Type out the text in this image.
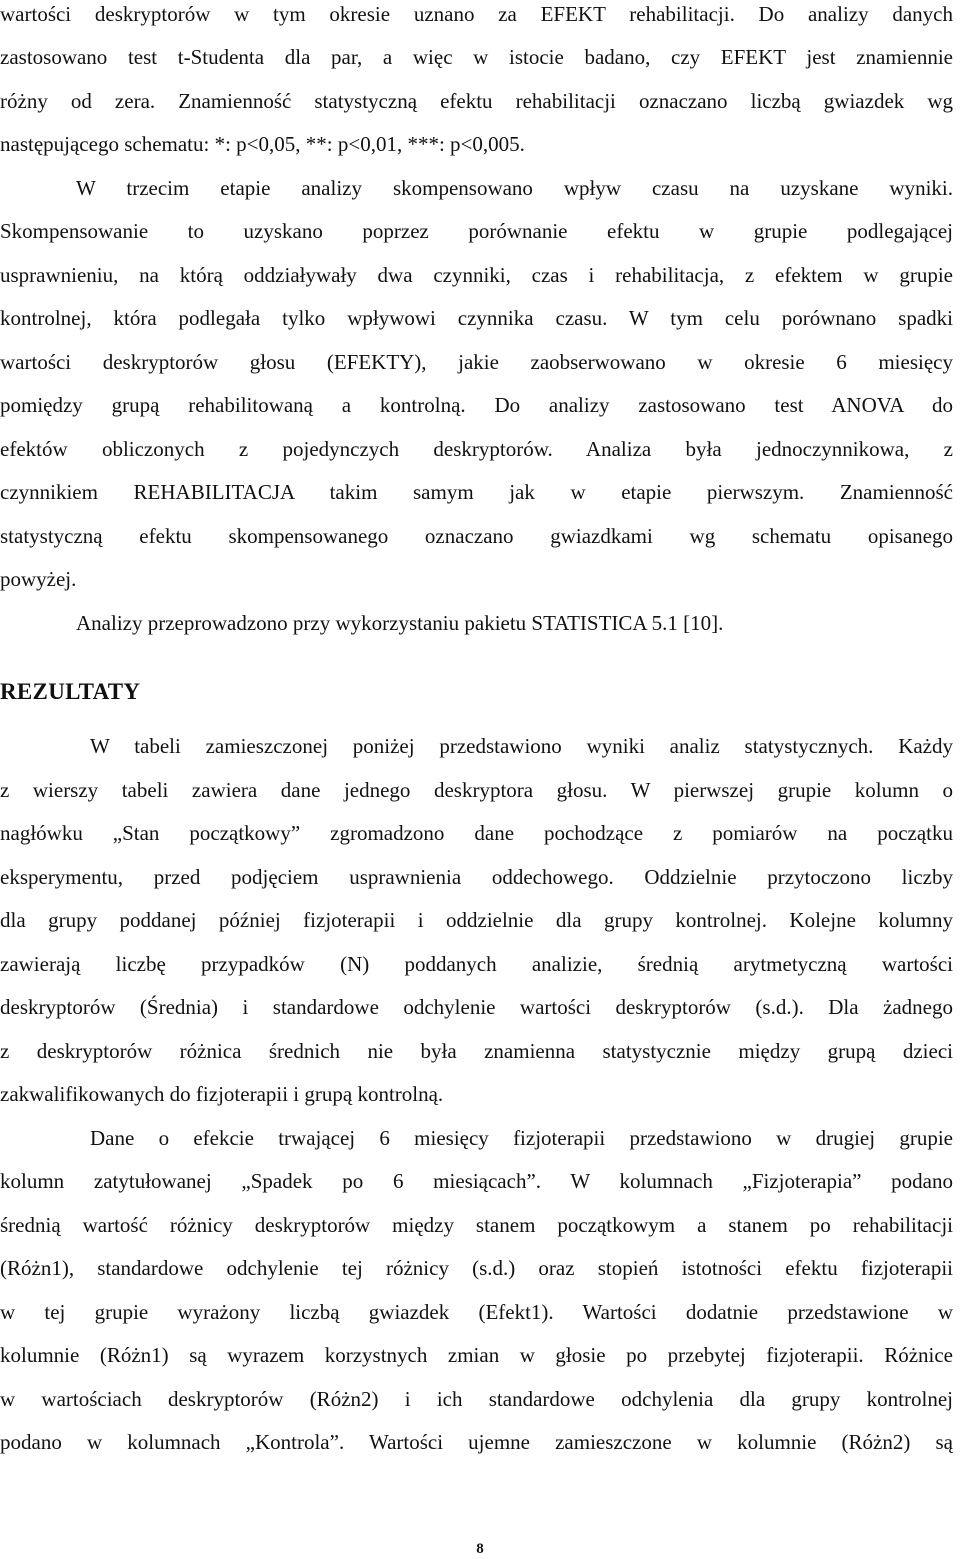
wartości deskryptorów w tym okresie uznano za EFEKT rehabilitacji. Do analizy danych
zastosowano test t-Studenta dla par, a więc w istocie badano, czy EFEKT jest znamiennie
różny od zera. Znamienność statystyczną efektu rehabilitacji oznaczano liczbą gwiazdek wg
następującego schematu: *: p<0,05, **: p<0,01, ***: p<0,005.
W trzecim etapie analizy skompensowano wpływ czasu na uzyskane wyniki.
Skompensowanie to uzyskano poprzez porównanie efektu w grupie podlegającej
usprawnieniu, na którą oddziaływały dwa czynniki, czas i rehabilitacja, z efektem w grupie
kontrolnej, która podlegała tylko wpływowi czynnika czasu. W tym celu porównano spadki
wartości deskryptorów głosu (EFEKTY), jakie zaobserwowano w okresie 6 miesięcy
pomiędzy grupą rehabilitowaną a kontrolną. Do analizy zastosowano test ANOVA do
efektów obliczonych z pojedynczych deskryptorów. Analiza była jednoczynnikowa, z
czynnikiem REHABILITACJA takim samym jak w etapie pierwszym. Znamienność
statystyczną efektu skompensowanego oznaczano gwiazdkami wg schematu opisanego
powyżej.
Analizy przeprowadzono przy wykorzystaniu pakietu STATISTICA 5.1 [10].
REZULTATY
W tabeli zamieszczonej poniżej przedstawiono wyniki analiz statystycznych. Każdy
z wierszy tabeli zawiera dane jednego deskryptora głosu. W pierwszej grupie kolumn o
nagłówku „Stan początkowy” zgromadzono dane pochodzące z pomiarów na początku
eksperymentu, przed podjęciem usprawnienia oddechowego. Oddzielnie przytoczono liczby
dla grupy poddanej później fizjoterapii i oddzielnie dla grupy kontrolnej. Kolejne kolumny
zawierają liczbę przypadków (N) poddanych analizie, średnią arytmetyczną wartości
deskryptorów (Średnia) i standardowe odchylenie wartości deskryptorów (s.d.). Dla żadnego
z deskryptorów różnica średnich nie była znamienna statystycznie między grupą dzieci
zakwalifikowanych do fizjoterapii i grupą kontrolną.
Dane o efekcie trwającej 6 miesięcy fizjoterapii przedstawiono w drugiej grupie
kolumn zatytułowanej „Spadek po 6 miesiącach”. W kolumnach „Fizjoterapia” podano
średnią wartość różnicy deskryptorów między stanem początkowym a stanem po rehabilitacji
(Różn1), standardowe odchylenie tej różnicy (s.d.) oraz stopień istotności efektu fizjoterapii
w tej grupie wyrażony liczbą gwiazdek (Efekt1). Wartości dodatnie przedstawione w
kolumnie (Różn1) są wyrazem korzystnych zmian w głosie po przebytej fizjoterapii. Różnice
w wartościach deskryptorów (Różn2) i ich standardowe odchylenia dla grupy kontrolnej
podano w kolumnach „Kontrola”. Wartości ujemne zamieszczone w kolumnie (Różn2) są
8
